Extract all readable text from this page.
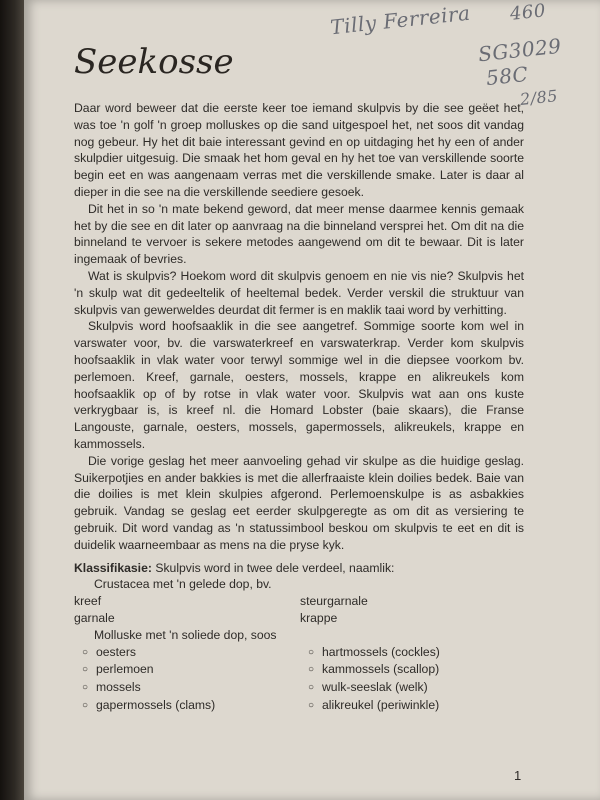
Tilly Ferreira 460
SG3029
58C
2/85
Seekosse

Daar word beweer dat die eerste keer toe iemand skulpvis by die see geëet het, was toe 'n golf 'n groep molluskes op die sand uitgespoel het, net soos dit vandag nog gebeur. Hy het dit baie interessant gevind en op uitdaging het hy een of ander skulpdier uitgesuig. Die smaak het hom geval en hy het toe van verskillende soorte begin eet en was aangenaam verras met die verskillende smake. Later is daar al dieper in die see na die verskillende seediere gesoek.

Dit het in so 'n mate bekend geword, dat meer mense daarmee kennis gemaak het by die see en dit later op aanvraag na die binneland versprei het. Om dit na die binneland te vervoer is sekere metodes aangewend om dit te bewaar. Dit is later ingemaak of bevries.

Wat is skulpvis? Hoekom word dit skulpvis genoem en nie vis nie? Skulpvis het 'n skulp wat dit gedeeltelik of heeltemal bedek. Verder verskil die struktuur van skulpvis van gewerweldes deurdat dit fermer is en maklik taai word by verhitting.

Skulpvis word hoofsaaklik in die see aangetref. Sommige soorte kom wel in varswater voor, bv. die varswaterkreef en varswaterkrap. Verder kom skulpvis hoofsaaklik in vlak water voor terwyl sommige wel in die diepsee voorkom bv. perlemoen. Kreef, garnale, oesters, mossels, krappe en alikreukels kom hoofsaaklik op of by rotse in vlak water voor. Skulpvis wat aan ons kuste verkrygbaar is, is kreef nl. die Homard Lobster (baie skaars), die Franse Langouste, garnale, oesters, mossels, gapermossels, alikreukels, krappe en kammossels.

Die vorige geslag het meer aanvoeling gehad vir skulpe as die huidige geslag. Suikerpotjies en ander bakkies is met die allerfraaiste klein doilies bedek. Baie van die doilies is met klein skulpies afgerond. Perlemoenskulpe is as asbakkies gebruik. Vandag se geslag eet eerder skulpgeregte as om dit as versiering te gebruik. Dit word vandag as 'n statussimbool beskou om skulpvis te eet en dit is duidelik waarneembaar as mens na die pryse kyk.

Klassifikasie: Skulpvis word in twee dele verdeel, naamlik:
Crustacea met 'n gelede dop, bv.
kreef	steurgarnale
garnale	krappe
Molluske met 'n soliede dop, soos
○ oesters	○ hartmossels (cockles)
○ perlemoen	○ kammossels (scallop)
○ mossels	○ wulk-seeslak (welk)
○ gapermossels (clams)	○ alikreukel (periwinkle)
1
